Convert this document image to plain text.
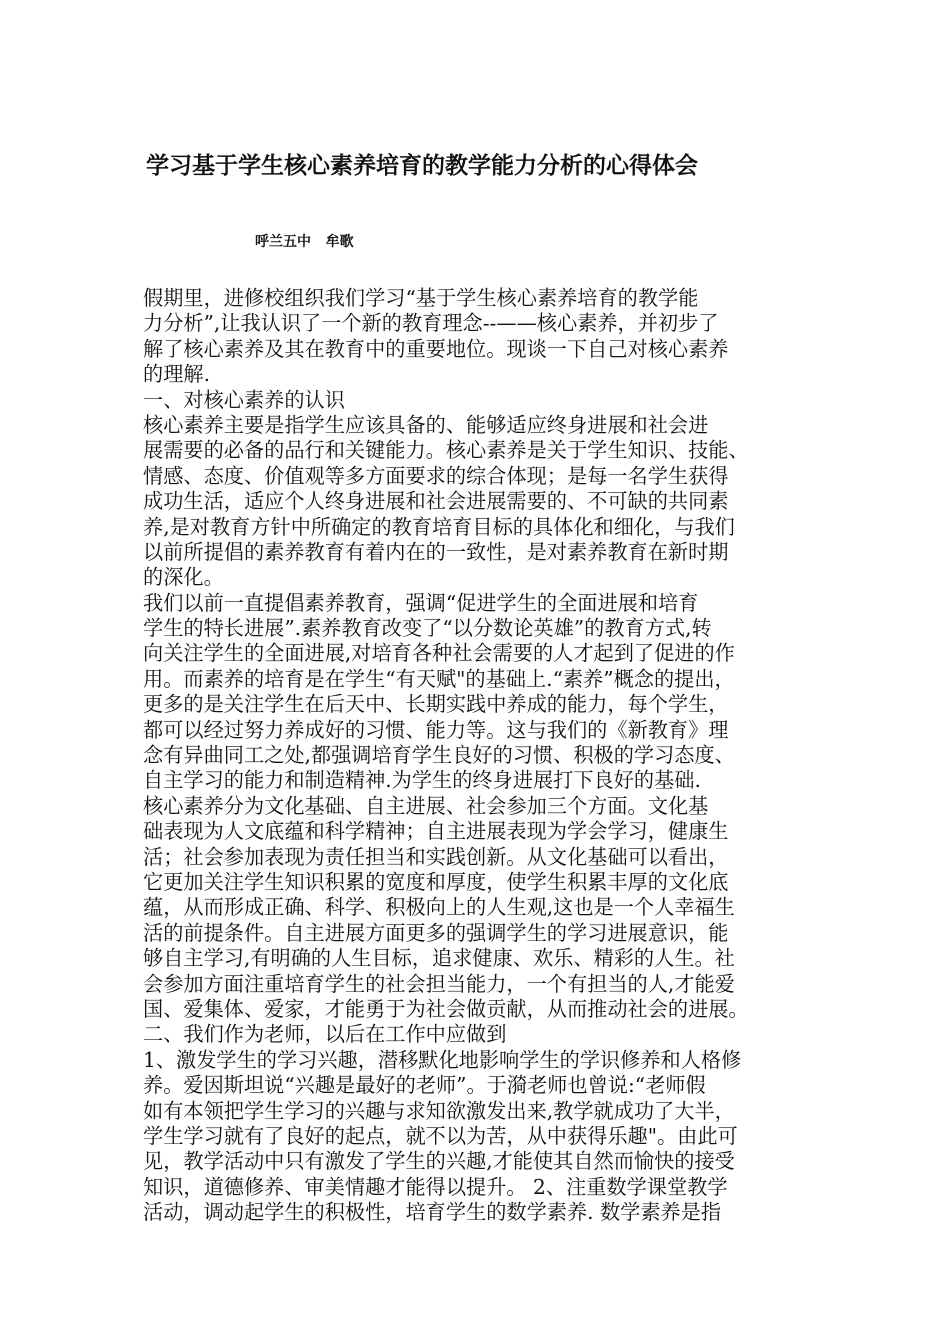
学习基于学生核心素养培育的教学能力分析的心得体会
呼兰五中   牟歌
假期里，进修校组织我们学习“基于学生核心素养培育的教学能
力分析”,让我认识了一个新的教育理念--——核心素养，并初步了
解了核心素养及其在教育中的重要地位。现谈一下自己对核心素养
的理解.
一、对核心素养的认识
核心素养主要是指学生应该具备的、能够适应终身进展和社会进
展需要的必备的品行和关键能力。核心素养是关于学生知识、技能、
情感、态度、价值观等多方面要求的综合体现；是每一名学生获得
成功生活，适应个人终身进展和社会进展需要的、不可缺的共同素
养,是对教育方针中所确定的教育培育目标的具体化和细化，与我们
以前所提倡的素养教育有着内在的一致性，是对素养教育在新时期
的深化。
我们以前一直提倡素养教育，强调“促进学生的全面进展和培育
学生的特长进展”.素养教育改变了“以分数论英雄”的教育方式,转
向关注学生的全面进展,对培育各种社会需要的人才起到了促进的作
用。而素养的培育是在学生“有天赋"的基础上.“素养”概念的提出，
更多的是关注学生在后天中、长期实践中养成的能力，每个学生，
都可以经过努力养成好的习惯、能力等。这与我们的《新教育》理
念有异曲同工之处,都强调培育学生良好的习惯、积极的学习态度、
自主学习的能力和制造精神.为学生的终身进展打下良好的基础.
核心素养分为文化基础、自主进展、社会参加三个方面。文化基
础表现为人文底蕴和科学精神；自主进展表现为学会学习，健康生
活；社会参加表现为责任担当和实践创新。从文化基础可以看出，
它更加关注学生知识积累的宽度和厚度，使学生积累丰厚的文化底
蕴，从而形成正确、科学、积极向上的人生观,这也是一个人幸福生
活的前提条件。自主进展方面更多的强调学生的学习进展意识，能
够自主学习,有明确的人生目标，追求健康、欢乐、精彩的人生。社
会参加方面注重培育学生的社会担当能力，一个有担当的人,才能爱
国、爱集体、爱家，才能勇于为社会做贡献，从而推动社会的进展。
二、我们作为老师，以后在工作中应做到
1、激发学生的学习兴趣，潜移默化地影响学生的学识修养和人格修
养。爱因斯坦说“兴趣是最好的老师”。于漪老师也曾说:“老师假
如有本领把学生学习的兴趣与求知欲激发出来,教学就成功了大半，
学生学习就有了良好的起点，就不以为苦，从中获得乐趣"。由此可
见，教学活动中只有激发了学生的兴趣,才能使其自然而愉快的接受
知识，道德修养、审美情趣才能得以提升。 2、注重数学课堂教学
活动，调动起学生的积极性，培育学生的数学素养. 数学素养是指
